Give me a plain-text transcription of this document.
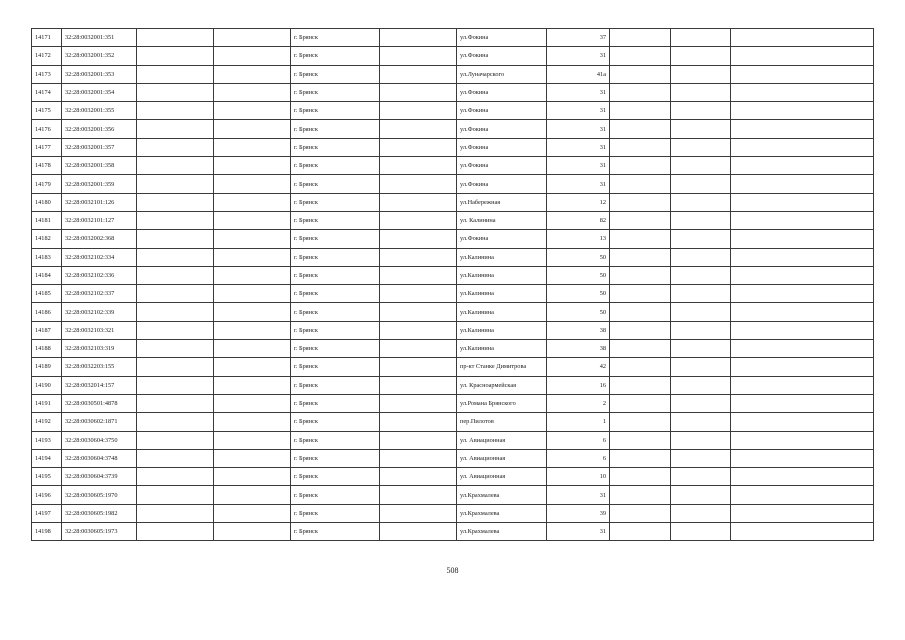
14171	32:28:0032001:351			г. Брянск		ул.Фокина	37			
14172	32:28:0032001:352			г. Брянск		ул.Фокина	31			
14173	32:28:0032001:353			г. Брянск		ул.Луначарского	41а			
14174	32:28:0032001:354			г. Брянск		ул.Фокина	31			
14175	32:28:0032001:355			г. Брянск		ул.Фокина	31			
14176	32:28:0032001:356			г. Брянск		ул.Фокина	31			
14177	32:28:0032001:357			г. Брянск		ул.Фокина	31			
14178	32:28:0032001:358			г. Брянск		ул.Фокина	31			
14179	32:28:0032001:359			г. Брянск		ул.Фокина	31			
14180	32:28:0032101:126			г. Брянск		ул.Набережная	12			
14181	32:28:0032101:127			г. Брянск		ул. Калинина	82			
14182	32:28:0032002:368			г. Брянск		ул.Фокина	13			
14183	32:28:0032102:334			г. Брянск		ул.Калинина	50			
14184	32:28:0032102:336			г. Брянск		ул.Калинина	50			
14185	32:28:0032102:337			г. Брянск		ул.Калинина	50			
14186	32:28:0032102:339			г. Брянск		ул.Калинина	50			
14187	32:28:0032103:321			г. Брянск		ул.Калинина	38			
14188	32:28:0032103:319			г. Брянск		ул.Калинина	38			
14189	32:28:0032203:155			г. Брянск		пр-кт Станке Димитрова	42			
14190	32:28:0032014:157			г. Брянск		ул. Красноармейская	16			
14191	32:28:0030501:4878			г. Брянск		ул.Романа Брянского	2			
14192	32:28:0030602:1871			г. Брянск		пер.Пилотов	1			
14193	32:28:0030604:3750			г. Брянск		ул. Авиационная	6			
14194	32:28:0030604:3748			г. Брянск		ул. Авиационная	6			
14195	32:28:0030604:3739			г. Брянск		ул. Авиационная	10			
14196	32:28:0030605:1970			г. Брянск		ул.Крахмалева	31			
14197	32:28:0030605:1982			г. Брянск		ул.Крахмалева	39			
14198	32:28:0030605:1973			г. Брянск		ул.Крахмалева	31			
508
